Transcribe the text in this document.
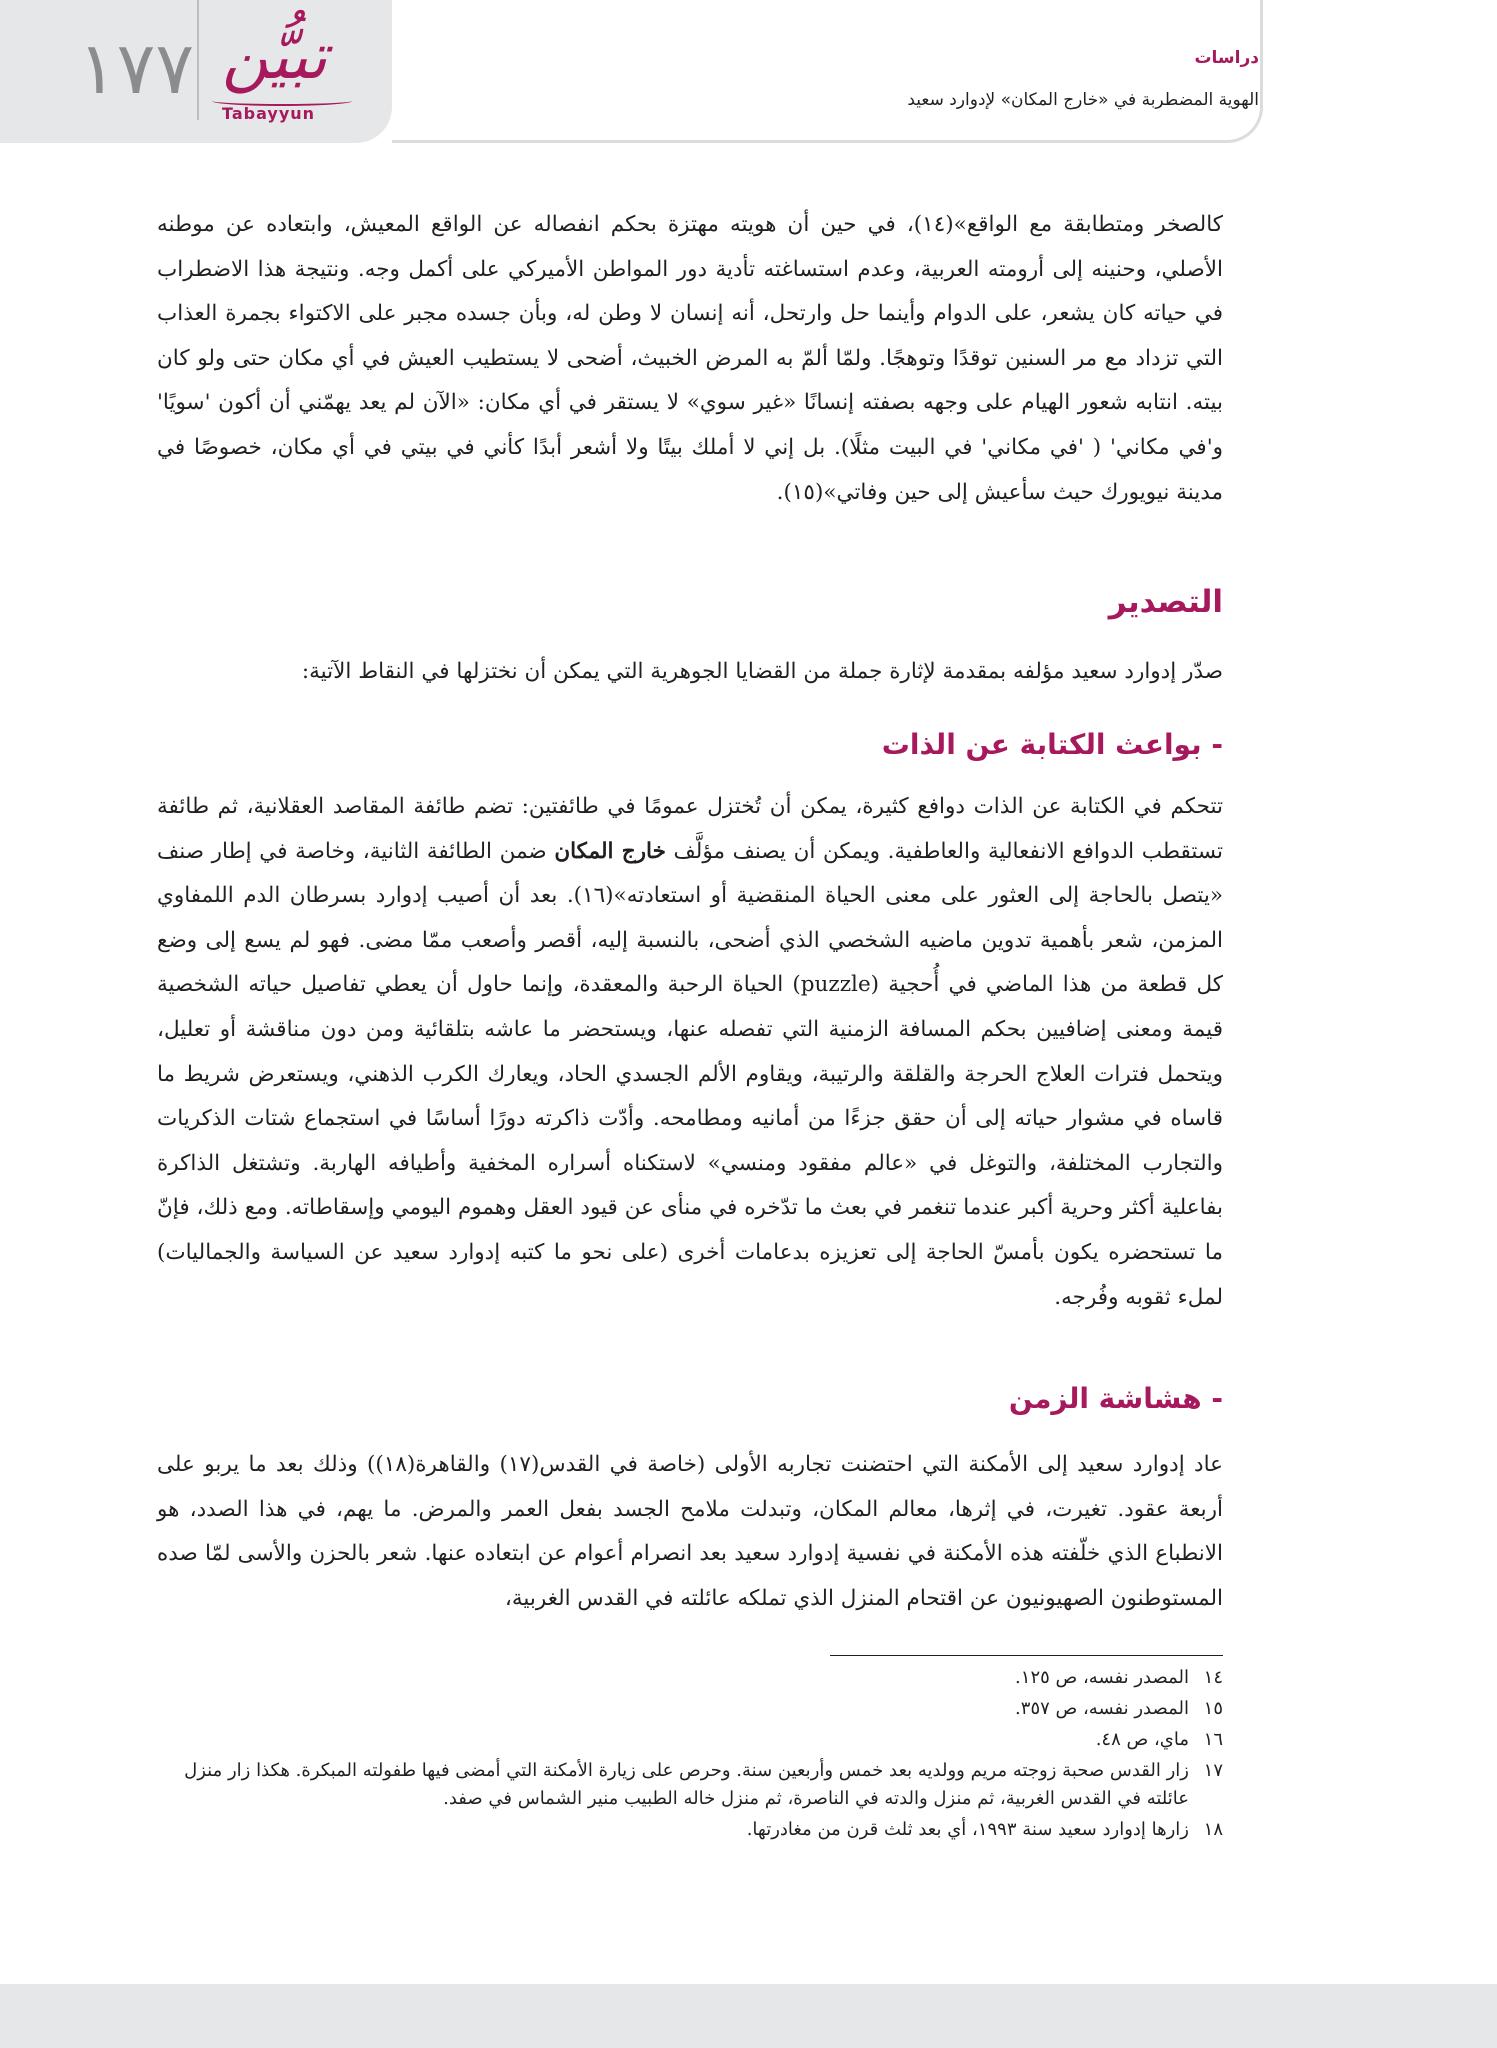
١٧٧ تبيُّن
Tabayyun
دراسات
الهوية المضطربة في «خارج المكان» لإدوارد سعيد

كالصخر ومتطابقة مع الواقع»(١٤)، في حين أن هويته مهتزة بحكم انفصاله عن الواقع المعيش، وابتعاده عن موطنه الأصلي، وحنينه إلى أرومته العربية، وعدم استساغته تأدية دور المواطن الأميركي على أكمل وجه. ونتيجة هذا الاضطراب في حياته كان يشعر، على الدوام وأينما حل وارتحل، أنه إنسان لا وطن له، وبأن جسده مجبر على الاكتواء بجمرة العذاب التي تزداد مع مر السنين توقدًا وتوهجًا. ولمّا ألمّ به المرض الخبيث، أضحى لا يستطيب العيش في أي مكان حتى ولو كان بيته. انتابه شعور الهيام على وجهه بصفته إنسانًا «غير سوي» لا يستقر في أي مكان: «الآن لم يعد يهمّني أن أكون 'سويًا' و'في مكاني' ( 'في مكاني' في البيت مثلًا). بل إني لا أملك بيتًا ولا أشعر أبدًا كأني في بيتي في أي مكان، خصوصًا في مدينة نيويورك حيث سأعيش إلى حين وفاتي»(١٥).

التصدير

صدّر إدوارد سعيد مؤلفه بمقدمة لإثارة جملة من القضايا الجوهرية التي يمكن أن نختزلها في النقاط الآتية:

- بواعث الكتابة عن الذات

تتحكم في الكتابة عن الذات دوافع كثيرة، يمكن أن تُختزل عمومًا في طائفتين: تضم طائفة المقاصد العقلانية، ثم طائفة تستقطب الدوافع الانفعالية والعاطفية. ويمكن أن يصنف مؤلَّف خارج المكان ضمن الطائفة الثانية، وخاصة في إطار صنف «يتصل بالحاجة إلى العثور على معنى الحياة المنقضية أو استعادته»(١٦). بعد أن أصيب إدوارد بسرطان الدم اللمفاوي المزمن، شعر بأهمية تدوين ماضيه الشخصي الذي أضحى، بالنسبة إليه، أقصر وأصعب ممّا مضى. فهو لم يسع إلى وضع كل قطعة من هذا الماضي في أُحجية (puzzle) الحياة الرحبة والمعقدة، وإنما حاول أن يعطي تفاصيل حياته الشخصية قيمة ومعنى إضافيين بحكم المسافة الزمنية التي تفصله عنها، ويستحضر ما عاشه بتلقائية ومن دون مناقشة أو تعليل، ويتحمل فترات العلاج الحرجة والقلقة والرتيبة، ويقاوم الألم الجسدي الحاد، ويعارك الكرب الذهني، ويستعرض شريط ما قاساه في مشوار حياته إلى أن حقق جزءًا من أمانيه ومطامحه. وأدّت ذاكرته دورًا أساسًا في استجماع شتات الذكريات والتجارب المختلفة، والتوغل في «عالم مفقود ومنسي» لاستكناه أسراره المخفية وأطيافه الهاربة. وتشتغل الذاكرة بفاعلية أكثر وحرية أكبر عندما تنغمر في بعث ما تدّخره في منأى عن قيود العقل وهموم اليومي وإسقاطاته. ومع ذلك، فإنّ ما تستحضره يكون بأمسّ الحاجة إلى تعزيزه بدعامات أخرى (على نحو ما كتبه إدوارد سعيد عن السياسة والجماليات) لملء ثقوبه وفُرجه.

- هشاشة الزمن

عاد إدوارد سعيد إلى الأمكنة التي احتضنت تجاربه الأولى (خاصة في القدس(١٧) والقاهرة(١٨)) وذلك بعد ما يربو على أربعة عقود. تغيرت، في إثرها، معالم المكان، وتبدلت ملامح الجسد بفعل العمر والمرض. ما يهم، في هذا الصدد، هو الانطباع الذي خلّفته هذه الأمكنة في نفسية إدوارد سعيد بعد انصرام أعوام عن ابتعاده عنها. شعر بالحزن والأسى لمّا صده المستوطنون الصهيونيون عن اقتحام المنزل الذي تملكه عائلته في القدس الغربية،

١٤
المصدر نفسه، ص ١٢٥.
١٥
المصدر نفسه، ص ٣٥٧.
١٦
ماي، ص ٤٨.
١٧
زار القدس صحبة زوجته مريم وولديه بعد خمس وأربعين سنة. وحرص على زيارة الأمكنة التي أمضى فيها طفولته المبكرة. هكذا زار منزل عائلته في القدس الغربية، ثم منزل والدته في الناصرة، ثم منزل خاله الطبيب منير الشماس في صفد.
١٨
زارها إدوارد سعيد سنة ١٩٩٣، أي بعد ثلث قرن من مغادرتها.
